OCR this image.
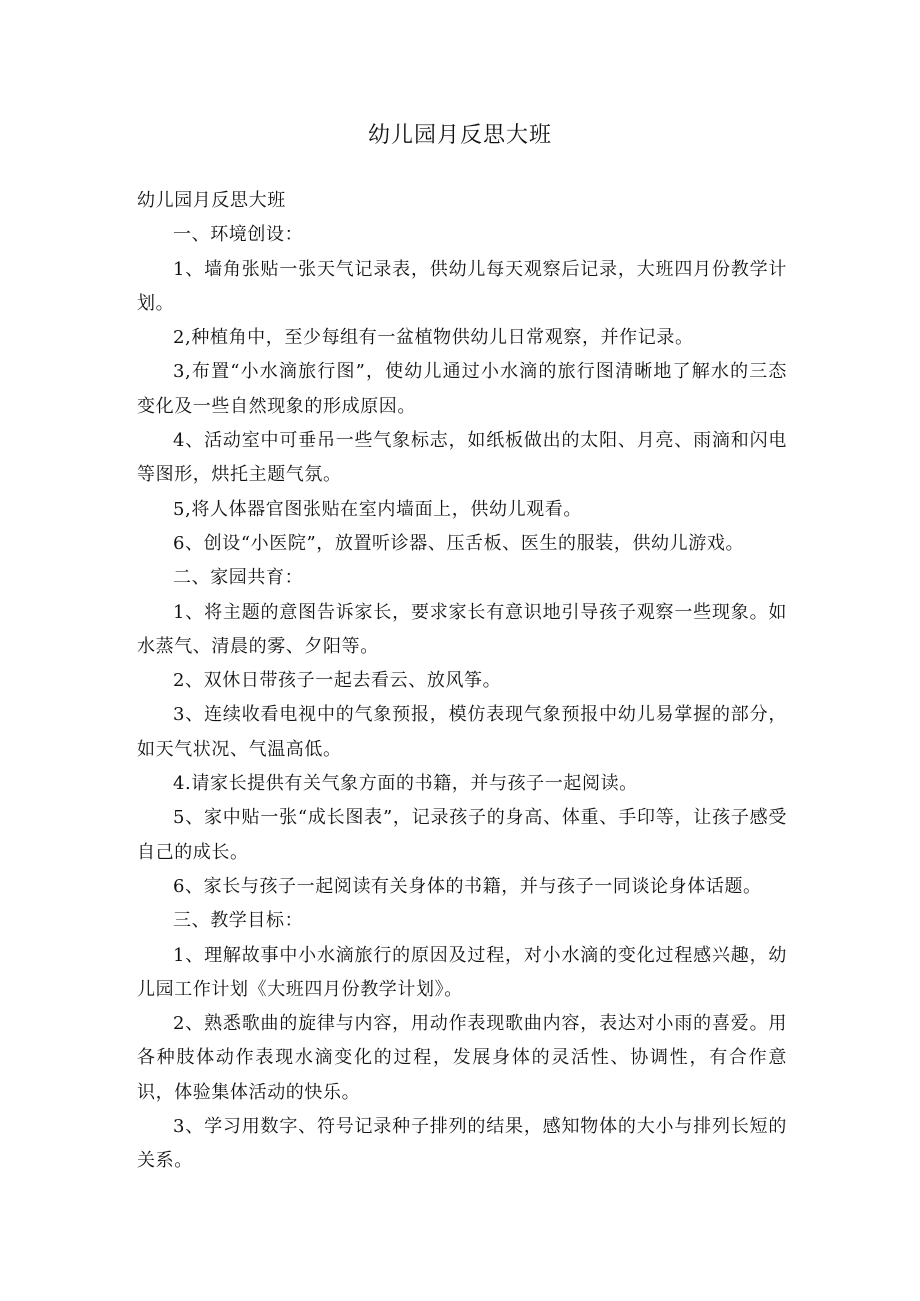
幼儿园月反思大班

幼儿园月反思大班

一、环境创设：

1、墙角张贴一张天气记录表，供幼儿每天观察后记录，大班四月份教学计划。

2,种植角中，至少每组有一盆植物供幼儿日常观察，并作记录。

3,布置“小水滴旅行图”，使幼儿通过小水滴的旅行图清晰地了解水的三态变化及一些自然现象的形成原因。

4、活动室中可垂吊一些气象标志，如纸板做出的太阳、月亮、雨滴和闪电等图形，烘托主题气氛。

5,将人体器官图张贴在室内墙面上，供幼儿观看。

6、创设“小医院”，放置听诊器、压舌板、医生的服装，供幼儿游戏。

二、家园共育：

1、将主题的意图告诉家长，要求家长有意识地引导孩子观察一些现象。如水蒸气、清晨的雾、夕阳等。

2、双休日带孩子一起去看云、放风筝。

3、连续收看电视中的气象预报，模仿表现气象预报中幼儿易掌握的部分，如天气状况、气温高低。

4.请家长提供有关气象方面的书籍，并与孩子一起阅读。

5、家中贴一张“成长图表”，记录孩子的身高、体重、手印等，让孩子感受自己的成长。

6、家长与孩子一起阅读有关身体的书籍，并与孩子一同谈论身体话题。

三、教学目标：

1、理解故事中小水滴旅行的原因及过程，对小水滴的变化过程感兴趣，幼儿园工作计划《大班四月份教学计划》。

2、熟悉歌曲的旋律与内容，用动作表现歌曲内容，表达对小雨的喜爱。用各种肢体动作表现水滴变化的过程，发展身体的灵活性、协调性，有合作意识，体验集体活动的快乐。

3、学习用数字、符号记录种子排列的结果，感知物体的大小与排列长短的关系。
